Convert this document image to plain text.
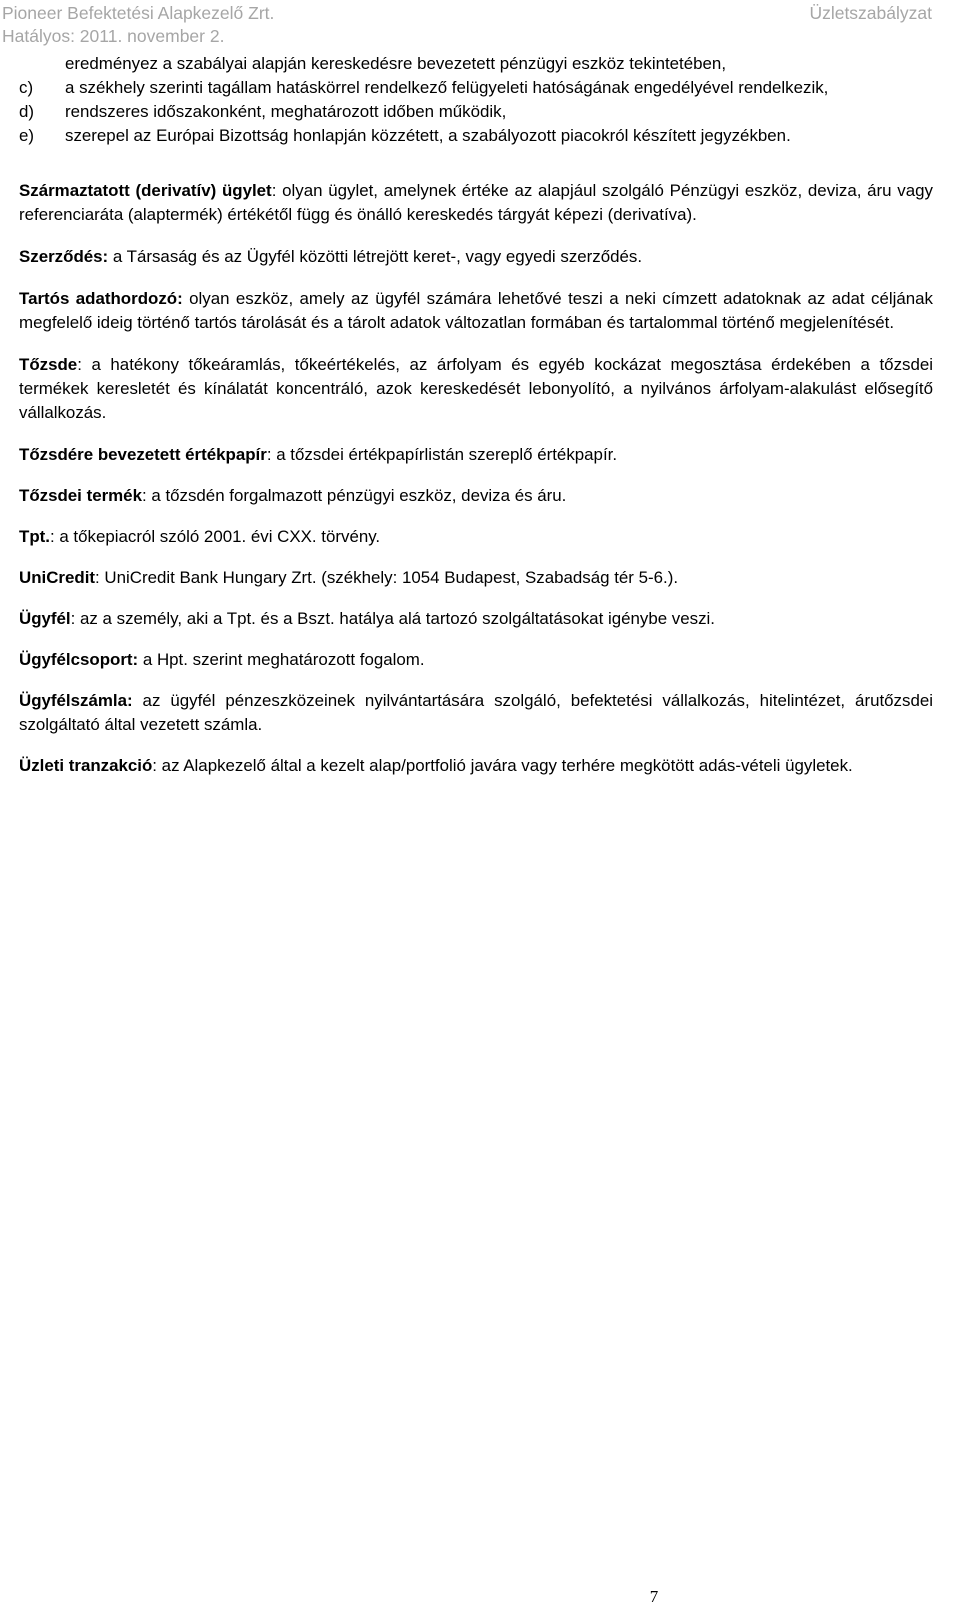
Pioneer Befektetési Alapkezelő Zrt.
Hatályos: 2011. november 2.
Üzletszabályzat
eredményez a szabályai alapján kereskedésre bevezetett pénzügyi eszköz tekintetében,
c)	a székhely szerinti tagállam hatáskörrel rendelkező felügyeleti hatóságának engedélyével rendelkezik,
d)	rendszeres időszakonként, meghatározott időben működik,
e)	szerepel az Európai Bizottság honlapján közzétett, a szabályozott piacokról készített jegyzékben.

Származtatott (derivatív) ügylet: olyan ügylet, amelynek értéke az alapjául szolgáló Pénzügyi eszköz, deviza, áru vagy referenciaráta (alaptermék) értékétől függ és önálló kereskedés tárgyát képezi (derivatíva).

Szerződés: a Társaság és az Ügyfél közötti létrejött keret-, vagy egyedi szerződés.

Tartós adathordozó: olyan eszköz, amely az ügyfél számára lehetővé teszi a neki címzett adatoknak az adat céljának megfelelő ideig történő tartós tárolását és a tárolt adatok változatlan formában és tartalommal történő megjelenítését.

Tőzsde: a hatékony tőkeáramlás, tőkeértékelés, az árfolyam és egyéb kockázat megosztása érdekében a tőzsdei termékek keresletét és kínálatát koncentráló, azok kereskedését lebonyolító, a nyilvános árfolyam-alakulást elősegítő vállalkozás.

Tőzsdére bevezetett értékpapír: a tőzsdei értékpapírlistán szereplő értékpapír.

Tőzsdei termék: a tőzsdén forgalmazott pénzügyi eszköz, deviza és áru.

Tpt.: a tőkepiacról szóló 2001. évi CXX. törvény.

UniCredit: UniCredit Bank Hungary Zrt. (székhely: 1054 Budapest, Szabadság tér 5-6.).

Ügyfél: az a személy, aki a Tpt. és a Bszt. hatálya alá tartozó szolgáltatásokat igénybe veszi.

Ügyfélcsoport: a Hpt. szerint meghatározott fogalom.

Ügyfélszámla: az ügyfél pénzeszközeinek nyilvántartására szolgáló, befektetési vállalkozás, hitelintézet, árutőzsdei szolgáltató által vezetett számla.

Üzleti tranzakció: az Alapkezelő által a kezelt alap/portfolió javára vagy terhére megkötött adás-vételi ügyletek.

7
